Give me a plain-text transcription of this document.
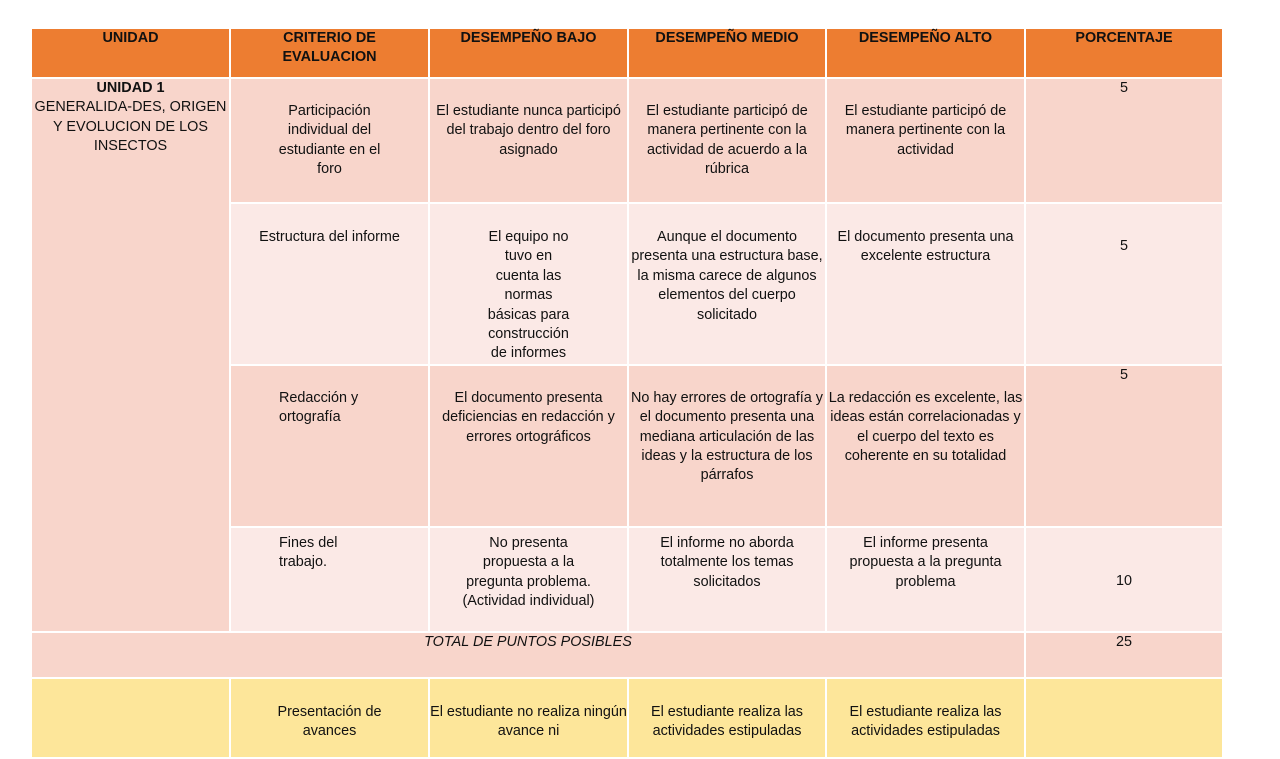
UNIDAD	CRITERIO DE EVALUACION	DESEMPEÑO BAJO	DESEMPEÑO MEDIO	DESEMPEÑO ALTO	PORCENTAJE

UNIDAD 1
GENERALIDA-DES, ORIGEN Y EVOLUCION DE LOS INSECTOS	Participación individual del estudiante en el foro	El estudiante nunca participó del trabajo dentro del foro asignado	El estudiante participó de manera pertinente con la actividad de acuerdo a la rúbrica	El estudiante participó de manera pertinente con la actividad	5
	Estructura del informe	El equipo no tuvo en cuenta las normas básicas para construcción de informes	Aunque el documento presenta una estructura base, la misma carece de algunos elementos del cuerpo solicitado	El documento presenta una excelente estructura	5
	Redacción y ortografía	El documento presenta deficiencias en redacción y errores ortográficos	No hay errores de ortografía y el documento presenta una mediana articulación de las ideas y la estructura de los párrafos	La redacción es excelente, las ideas están correlacionadas y el cuerpo del texto es coherente en su totalidad	5
	Fines del trabajo.	No presenta propuesta a la pregunta problema. (Actividad individual)	El informe no aborda totalmente los temas solicitados	El informe presenta propuesta a la pregunta problema	10
TOTAL DE PUNTOS POSIBLES					25
	Presentación de avances	El estudiante no realiza ningún avance ni	El estudiante realiza las actividades estipuladas	El estudiante realiza las actividades estipuladas	
